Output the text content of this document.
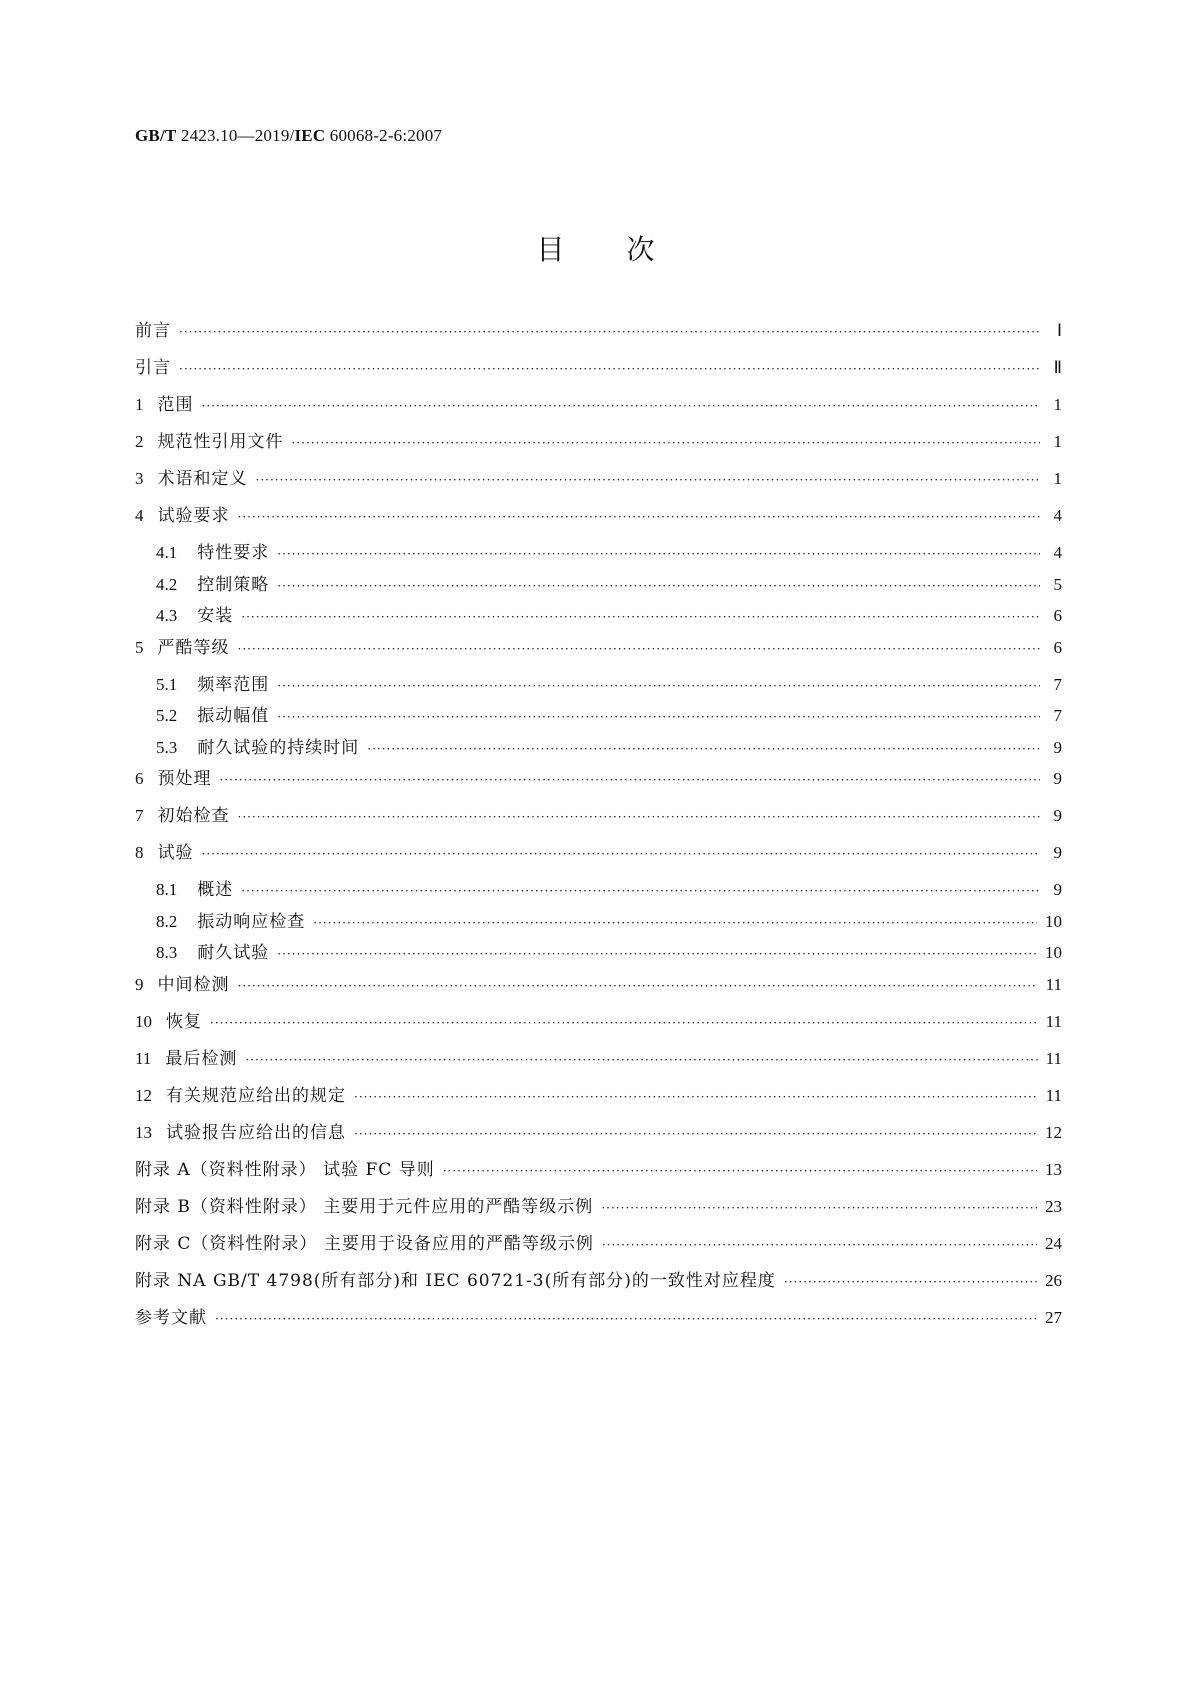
GB/T 2423.10—2019/IEC 60068-2-6:2007
目次
前言 ·····	Ⅰ
引言 ·····	Ⅱ
1 范围 ·····	1
2 规范性引用文件 ·····	1
3 术语和定义 ·····	1
4 试验要求 ·····	4
4.1 特性要求 ·····	4
4.2 控制策略 ·····	5
4.3 安装 ·····	6
5 严酷等级 ·····	6
5.1 频率范围 ·····	7
5.2 振动幅值 ·····	7
5.3 耐久试验的持续时间 ·····	9
6 预处理 ·····	9
7 初始检查 ·····	9
8 试验 ·····	9
8.1 概述 ·····	9
8.2 振动响应检查 ·····	10
8.3 耐久试验 ·····	10
9 中间检测 ·····	11
10 恢复 ·····	11
11 最后检测 ·····	11
12 有关规范应给出的规定 ·····	11
13 试验报告应给出的信息 ·····	12
附录 A（资料性附录） 试验 FC 导则 ·····	13
附录 B（资料性附录） 主要用于元件应用的严酷等级示例 ·····	23
附录 C（资料性附录） 主要用于设备应用的严酷等级示例 ·····	24
附录 NA GB/T 4798(所有部分)和 IEC 60721-3(所有部分)的一致性对应程度 ·····	26
参考文献 ·····	27
